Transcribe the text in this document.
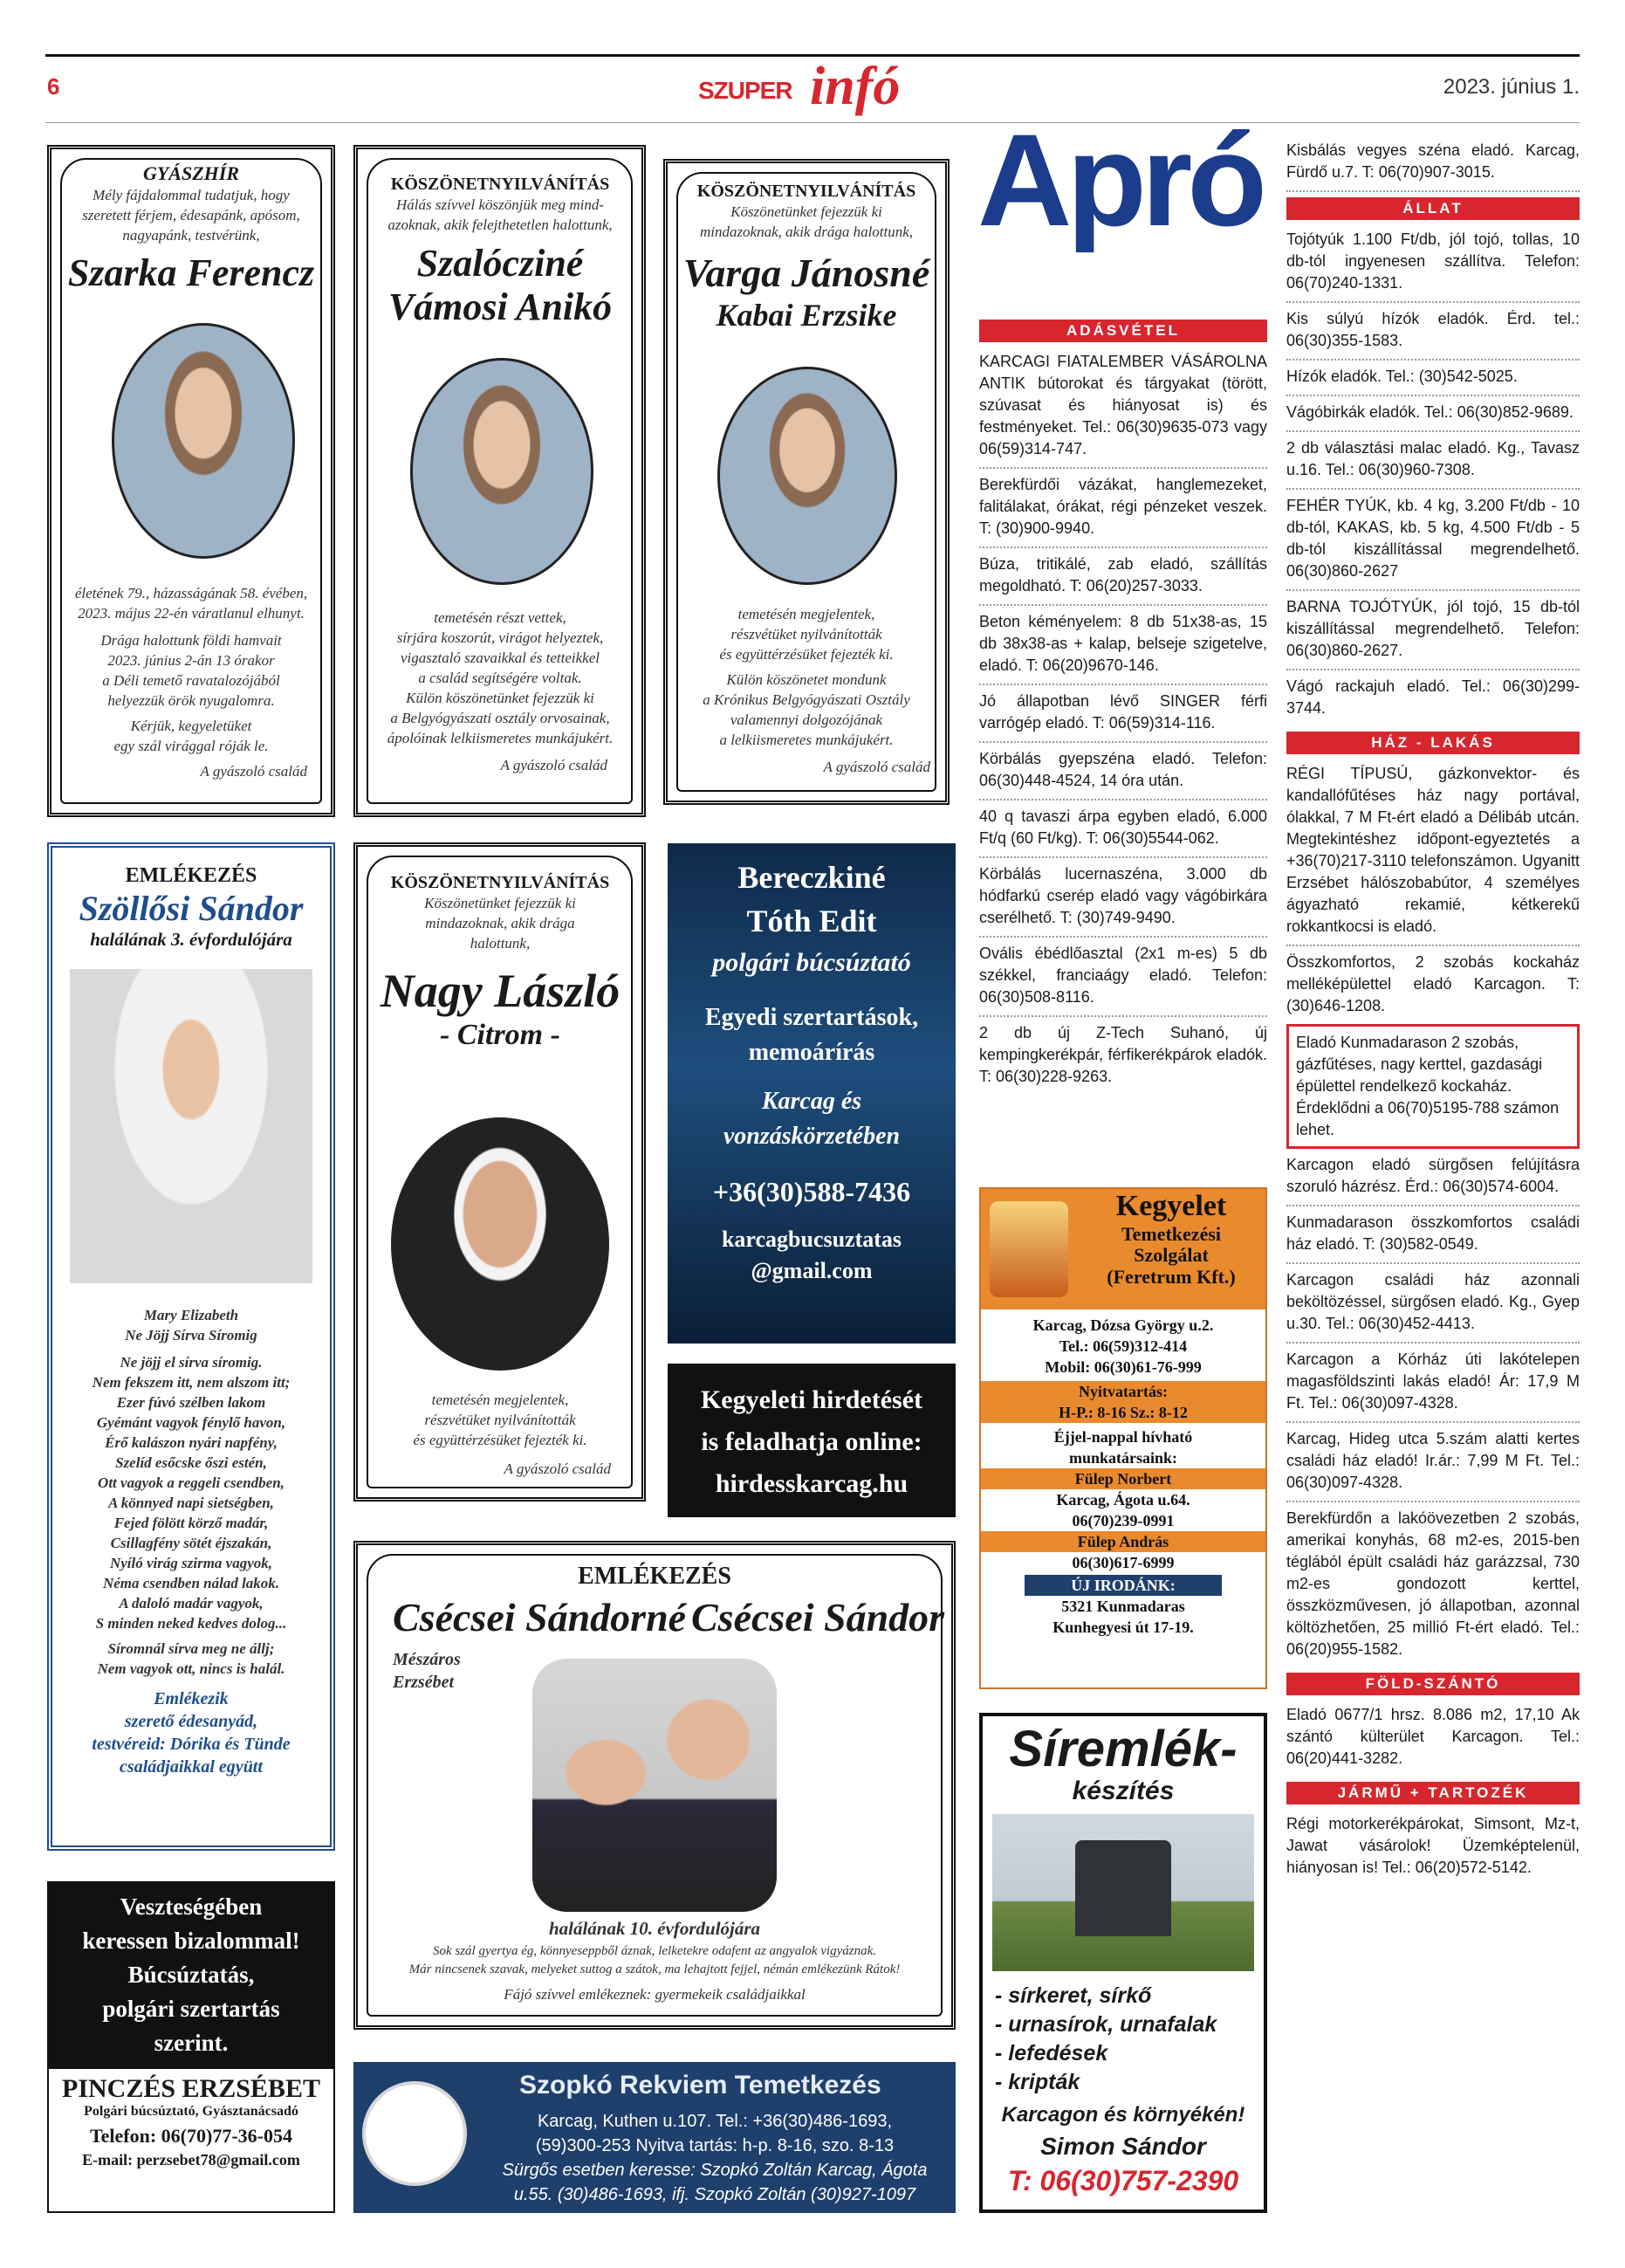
6	SZUPER infó	2023. június 1.
GYÁSZHÍR
Mély fájdalommal tudatjuk, hogy
szeretett férjem, édesapánk, apósom,
nagyapánk, testvérünk,
Szarka Ferencz
életének 79., házasságának 58. évében,
2023. május 22-én váratlanul elhunyt.
Drága halottunk földi hamvait
2023. június 2-án 13 órakor
a Déli temető ravatalozójából
helyezzük örök nyugalomra.
Kérjük, kegyeletüket
egy szál virággal róják le.
A gyászoló család
KÖSZÖNETNYILVÁNÍTÁS
Hálás szívvel köszönjük meg mind-
azoknak, akik felejthetetlen halottunk,
Szalócziné
Vámosi Anikó
temetésén részt vettek,
sírjára koszorút, virágot helyeztek,
vigasztaló szavaikkal és tetteikkel
a család segítségére voltak.
Külön köszönetünket fejezzük ki
a Belgyógyászati osztály orvosainak,
ápolóinak lelkiismeretes munkájukért.
A gyászoló család
KÖSZÖNETNYILVÁNÍTÁS
Köszönetünket fejezzük ki
mindazoknak, akik drága halottunk,
Varga Jánosné
Kabai Erzsike
temetésén megjelentek,
részvétüket nyilvánították
és együttérzésüket fejezték ki.
Külön köszönetet mondunk
a Krónikus Belgyógyászati Osztály
valamennyi dolgozójának
a lelkiismeretes munkájukért.
A gyászoló család
EMLÉKEZÉS
Szöllősi Sándor
halálának 3. évfordulójára
Mary Elizabeth
Ne Jöjj Sírva Síromig
Ne jöjj el sírva síromig.
Nem fekszem itt, nem alszom itt;
Ezer fúvó szélben lakom
Gyémánt vagyok fénylő havon,
Érő kalászon nyári napfény,
Szelíd esőcske őszi estén,
Ott vagyok a reggeli csendben,
A könnyed napi sietségben,
Fejed fölött körző madár,
Csillagfény sötét éjszakán,
Nyíló virág szirma vagyok,
Néma csendben nálad lakok.
A daloló madár vagyok,
S minden neked kedves dolog...
Síromnál sírva meg ne állj;
Nem vagyok ott, nincs is halál.
Emlékezik
szerető édesanyád,
testvéreid: Dórika és Tünde
családjaikkal együtt
KÖSZÖNETNYILVÁNÍTÁS
Köszönetünket fejezzük ki
mindazoknak, akik drága
halottunk,
Nagy László
- Citrom -
temetésén megjelentek,
részvétüket nyilvánították
és együttérzésüket fejezték ki.
A gyászoló család
Bereczkiné
Tóth Edit
polgári búcsúztató
Egyedi szertartások,
memoárírás
Karcag és
vonzáskörzetében
+36(30)588-7436
karcagbucsuztatas
@gmail.com
Kegyeleti hirdetését
is feladhatja online:
hirdesskarcag.hu
EMLÉKEZÉS
Csécsei Sándorné Csécsei Sándor
Mészáros
Erzsébet
halálának 10. évfordulójára
Sok szál gyertya ég, könnyeseppből áznak, lelketekre odafent az angyalok vigyáznak.
Már nincsenek szavak, melyeket suttog a szátok, ma lehajtott fejjel, némán emlékezünk Rátok!
Fájó szívvel emlékeznek: gyermekeik családjaikkal
Veszteségében
keressen bizalommal!
Búcsúztatás,
polgári szertartás
szerint.
PINCZÉS ERZSÉBET
Polgári búcsúztató, Gyásztanácsadó
Telefon: 06(70)77-36-054
E-mail: perzsebet78@gmail.com
Szopkó Rekviem Temetkezés
Karcag, Kuthen u.107. Tel.: +36(30)486-1693,
(59)300-253 Nyitva tartás: h-p. 8-16, szo. 8-13
Sürgős esetben keresse: Szopkó Zoltán Karcag, Ágota
u.55. (30)486-1693, ifj. Szopkó Zoltán (30)927-1097
Apró
ADÁSVÉTEL
KARCAGI FIATALEMBER VÁSÁROLNA ANTIK bútorokat és tárgyakat (törött, szúvasat és hiányosat is) és festményeket. Tel.: 06(30)9635-073 vagy 06(59)314-747.
Berekfürdői vázákat, hanglemezeket, falitálakat, órákat, régi pénzeket veszek. T: (30)900-9940.
Búza, tritikálé, zab eladó, szállítás megoldható. T: 06(20)257-3033.
Beton kéményelem: 8 db 51x38-as, 15 db 38x38-as + kalap, belseje szigetelve, eladó. T: 06(20)9670-146.
Jó állapotban lévő SINGER férfi varrógép eladó. T: 06(59)314-116.
Körbálás gyepszéna eladó. Telefon: 06(30)448-4524, 14 óra után.
40 q tavaszi árpa egyben eladó, 6.000 Ft/q (60 Ft/kg). T: 06(30)5544-062.
Körbálás lucernaszéna, 3.000 db hódfarkú cserép eladó vagy vágóbirkára cserélhető. T: (30)749-9490.
Ovális ébédlőasztal (2x1 m-es) 5 db székkel, franciaágy eladó. Telefon: 06(30)508-8116.
2 db új Z-Tech Suhanó, új kempingkerékpár, férfikerékpárok eladók. T: 06(30)228-9263.
Kegyelet
Temetkezési
Szolgálat
(Feretrum Kft.)
Karcag, Dózsa György u.2.
Tel.: 06(59)312-414
Mobil: 06(30)61-76-999
Nyitvatartás:
H-P.: 8-16 Sz.: 8-12
Éjjel-nappal hívható
munkatársaink:
Fülep Norbert
Karcag, Ágota u.64.
06(70)239-0991
Fülep András
06(30)617-6999
ÚJ IRODÁNK:
5321 Kunmadaras
Kunhegyesi út 17-19.
Síremlék-
készítés
- sírkeret, sírkő
- urnasírok, urnafalak
- lefedések
- kripták
Karcagon és környékén!
Simon Sándor
T: 06(30)757-2390
Kisbálás vegyes széna eladó. Karcag, Fürdő u.7. T: 06(70)907-3015.
ÁLLAT
Tojótyúk 1.100 Ft/db, jól tojó, tollas, 10 db-tól ingyenesen szállítva. Telefon: 06(70)240-1331.
Kis súlyú hízók eladók. Érd. tel.: 06(30)355-1583.
Hízók eladók. Tel.: (30)542-5025.
Vágóbirkák eladók. Tel.: 06(30)852-9689.
2 db választási malac eladó. Kg., Tavasz u.16. Tel.: 06(30)960-7308.
FEHÉR TYÚK, kb. 4 kg, 3.200 Ft/db - 10 db-tól, KAKAS, kb. 5 kg, 4.500 Ft/db - 5 db-tól kiszállítással megrendelhető. 06(30)860-2627
BARNA TOJÓTYÚK, jól tojó, 15 db-tól kiszállítással megrendelhető. Telefon: 06(30)860-2627.
Vágó rackajuh eladó. Tel.: 06(30)299-3744.
HÁZ - LAKÁS
RÉGI TÍPUSÚ, gázkonvektor- és kandallófűtéses ház nagy portával, ólakkal, 7 M Ft-ért eladó a Délibáb utcán. Megtekintéshez időpont-egyeztetés a +36(70)217-3110 telefonszámon. Ugyanitt Erzsébet hálószobabútor, 4 személyes ágyazható rekamié, kétkerekű rokkantkocsi is eladó.
Összkomfortos, 2 szobás kockaház melléképülettel eladó Karcagon. T: (30)646-1208.
Eladó Kunmadarason 2 szobás, gázfűtéses, nagy kerttel, gazdasági épülettel rendelkező kockaház. Érdeklődni a 06(70)5195-788 számon lehet.
Karcagon eladó sürgősen felújításra szoruló házrész. Érd.: 06(30)574-6004.
Kunmadarason összkomfortos családi ház eladó. T: (30)582-0549.
Karcagon családi ház azonnali beköltözéssel, sürgősen eladó. Kg., Gyep u.30. Tel.: 06(30)452-4413.
Karcagon a Kórház úti lakótelepen magasföldszinti lakás eladó! Ár: 17,9 M Ft. Tel.: 06(30)097-4328.
Karcag, Hideg utca 5.szám alatti kertes családi ház eladó! Ir.ár.: 7,99 M Ft. Tel.: 06(30)097-4328.
Berekfürdőn a lakóövezetben 2 szobás, amerikai konyhás, 68 m2-es, 2015-ben téglából épült családi ház garázzsal, 730 m2-es gondozott kerttel, összközművesen, jó állapotban, azonnal költözhetően, 25 millió Ft-ért eladó. Tel.: 06(20)955-1582.
FÖLD-SZÁNTÓ
Eladó 0677/1 hrsz. 8.086 m2, 17,10 Ak szántó külterület Karcagon. Tel.: 06(20)441-3282.
JÁRMŰ + TARTOZÉK
Régi motorkerékpárokat, Simsont, Mz-t, Jawat vásárolok! Üzemképtelenül, hiányosan is! Tel.: 06(20)572-5142.
